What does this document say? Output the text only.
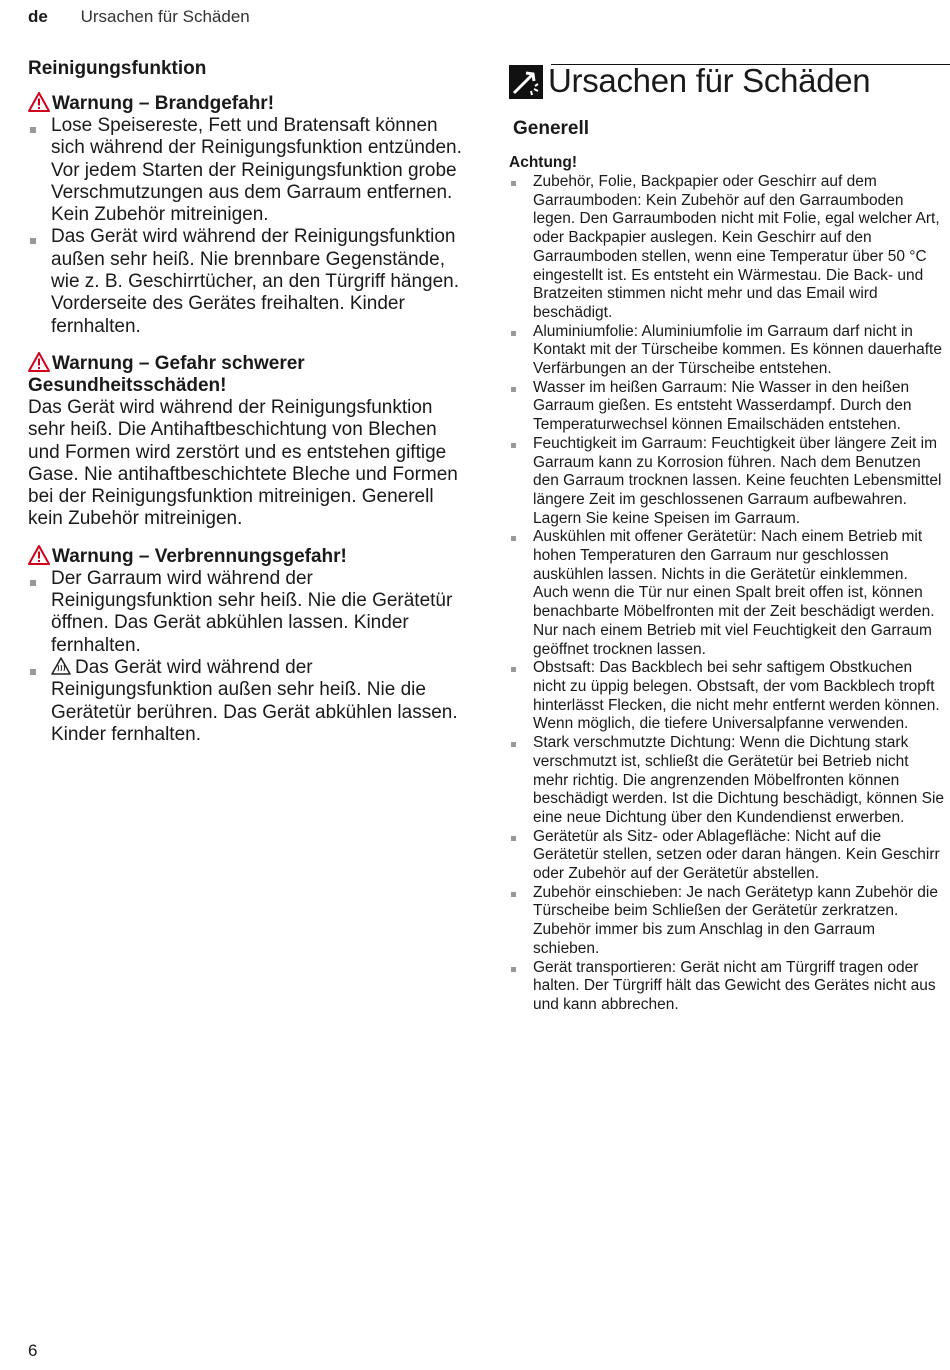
de Ursachen für Schäden
Reinigungsfunktion

Warnung – Brandgefahr!

Lose Speisereste, Fett und Bratensaft können sich während der Reinigungsfunktion entzünden. Vor jedem Starten der Reinigungsfunktion grobe Verschmutzungen aus dem Garraum entfernen. Kein Zubehör mitreinigen.
Das Gerät wird während der Reinigungsfunktion außen sehr heiß. Nie brennbare Gegenstände, wie z. B. Geschirrtücher, an den Türgriff hängen. Vorderseite des Gerätes freihalten. Kinder fernhalten.

Warnung – Gefahr schwerer Gesundheitsschäden!

Das Gerät wird während der Reinigungsfunktion sehr heiß. Die Antihaftbeschichtung von Blechen und Formen wird zerstört und es entstehen giftige Gase. Nie antihaftbeschichtete Bleche und Formen bei der Reinigungsfunktion mitreinigen. Generell kein Zubehör mitreinigen.

Warnung – Verbrennungsgefahr!

Der Garraum wird während der Reinigungsfunktion sehr heiß. Nie die Gerätetür öffnen. Das Gerät abkühlen lassen. Kinder fernhalten.
Das Gerät wird während der Reinigungsfunktion außen sehr heiß. Nie die Gerätetür berühren. Das Gerät abkühlen lassen. Kinder fernhalten.
Ursachen für Schäden
Generell

Achtung!

Zubehör, Folie, Backpapier oder Geschirr auf dem Garraumboden: Kein Zubehör auf den Garraumboden legen. Den Garraumboden nicht mit Folie, egal welcher Art, oder Backpapier auslegen. Kein Geschirr auf den Garraumboden stellen, wenn eine Temperatur über 50 °C eingestellt ist. Es entsteht ein Wärmestau. Die Back- und Bratzeiten stimmen nicht mehr und das Email wird beschädigt.
Aluminiumfolie: Aluminiumfolie im Garraum darf nicht in Kontakt mit der Türscheibe kommen. Es können dauerhafte Verfärbungen an der Türscheibe entstehen.
Wasser im heißen Garraum: Nie Wasser in den heißen Garraum gießen. Es entsteht Wasserdampf. Durch den Temperaturwechsel können Emailschäden entstehen.
Feuchtigkeit im Garraum: Feuchtigkeit über längere Zeit im Garraum kann zu Korrosion führen. Nach dem Benutzen den Garraum trocknen lassen. Keine feuchten Lebensmittel längere Zeit im geschlossenen Garraum aufbewahren. Lagern Sie keine Speisen im Garraum.
Auskühlen mit offener Gerätetür: Nach einem Betrieb mit hohen Temperaturen den Garraum nur geschlossen auskühlen lassen. Nichts in die Gerätetür einklemmen. Auch wenn die Tür nur einen Spalt breit offen ist, können benachbarte Möbelfronten mit der Zeit beschädigt werden.
Nur nach einem Betrieb mit viel Feuchtigkeit den Garraum geöffnet trocknen lassen.
Obstsaft: Das Backblech bei sehr saftigem Obstkuchen nicht zu üppig belegen. Obstsaft, der vom Backblech tropft hinterlässt Flecken, die nicht mehr entfernt werden können. Wenn möglich, die tiefere Universalpfanne verwenden.
Stark verschmutzte Dichtung: Wenn die Dichtung stark verschmutzt ist, schließt die Gerätetür bei Betrieb nicht mehr richtig. Die angrenzenden Möbelfronten können beschädigt werden. Ist die Dichtung beschädigt, können Sie eine neue Dichtung über den Kundendienst erwerben.
Gerätetür als Sitz- oder Ablagefläche: Nicht auf die Gerätetür stellen, setzen oder daran hängen. Kein Geschirr oder Zubehör auf der Gerätetür abstellen.
Zubehör einschieben: Je nach Gerätetyp kann Zubehör die Türscheibe beim Schließen der Gerätetür zerkratzen. Zubehör immer bis zum Anschlag in den Garraum schieben.
Gerät transportieren: Gerät nicht am Türgriff tragen oder halten. Der Türgriff hält das Gewicht des Gerätes nicht aus und kann abbrechen.
6
